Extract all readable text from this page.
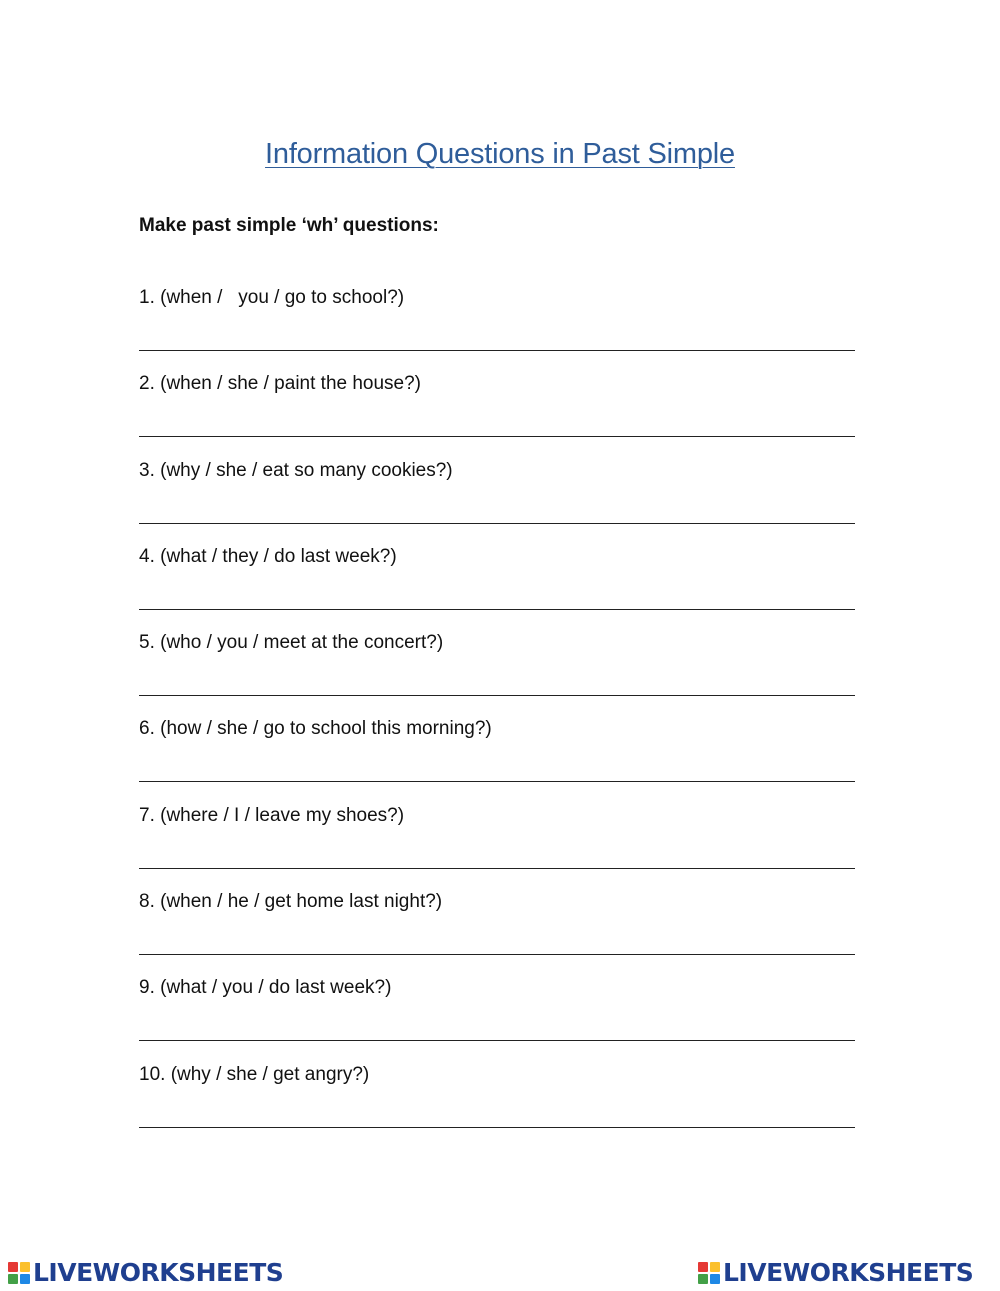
Information Questions in Past Simple
Make past simple ‘wh’ questions:
1. (when /   you / go to school?)
2. (when / she / paint the house?)
3. (why / she / eat so many cookies?)
4. (what / they / do last week?)
5. (who / you / meet at the concert?)
6. (how / she / go to school this morning?)
7. (where / I / leave my shoes?)
8. (when / he / get home last night?)
9. (what / you / do last week?)
10. (why / she / get angry?)
LIVEWORKSHEETS	LIVEWORKSHEETS
